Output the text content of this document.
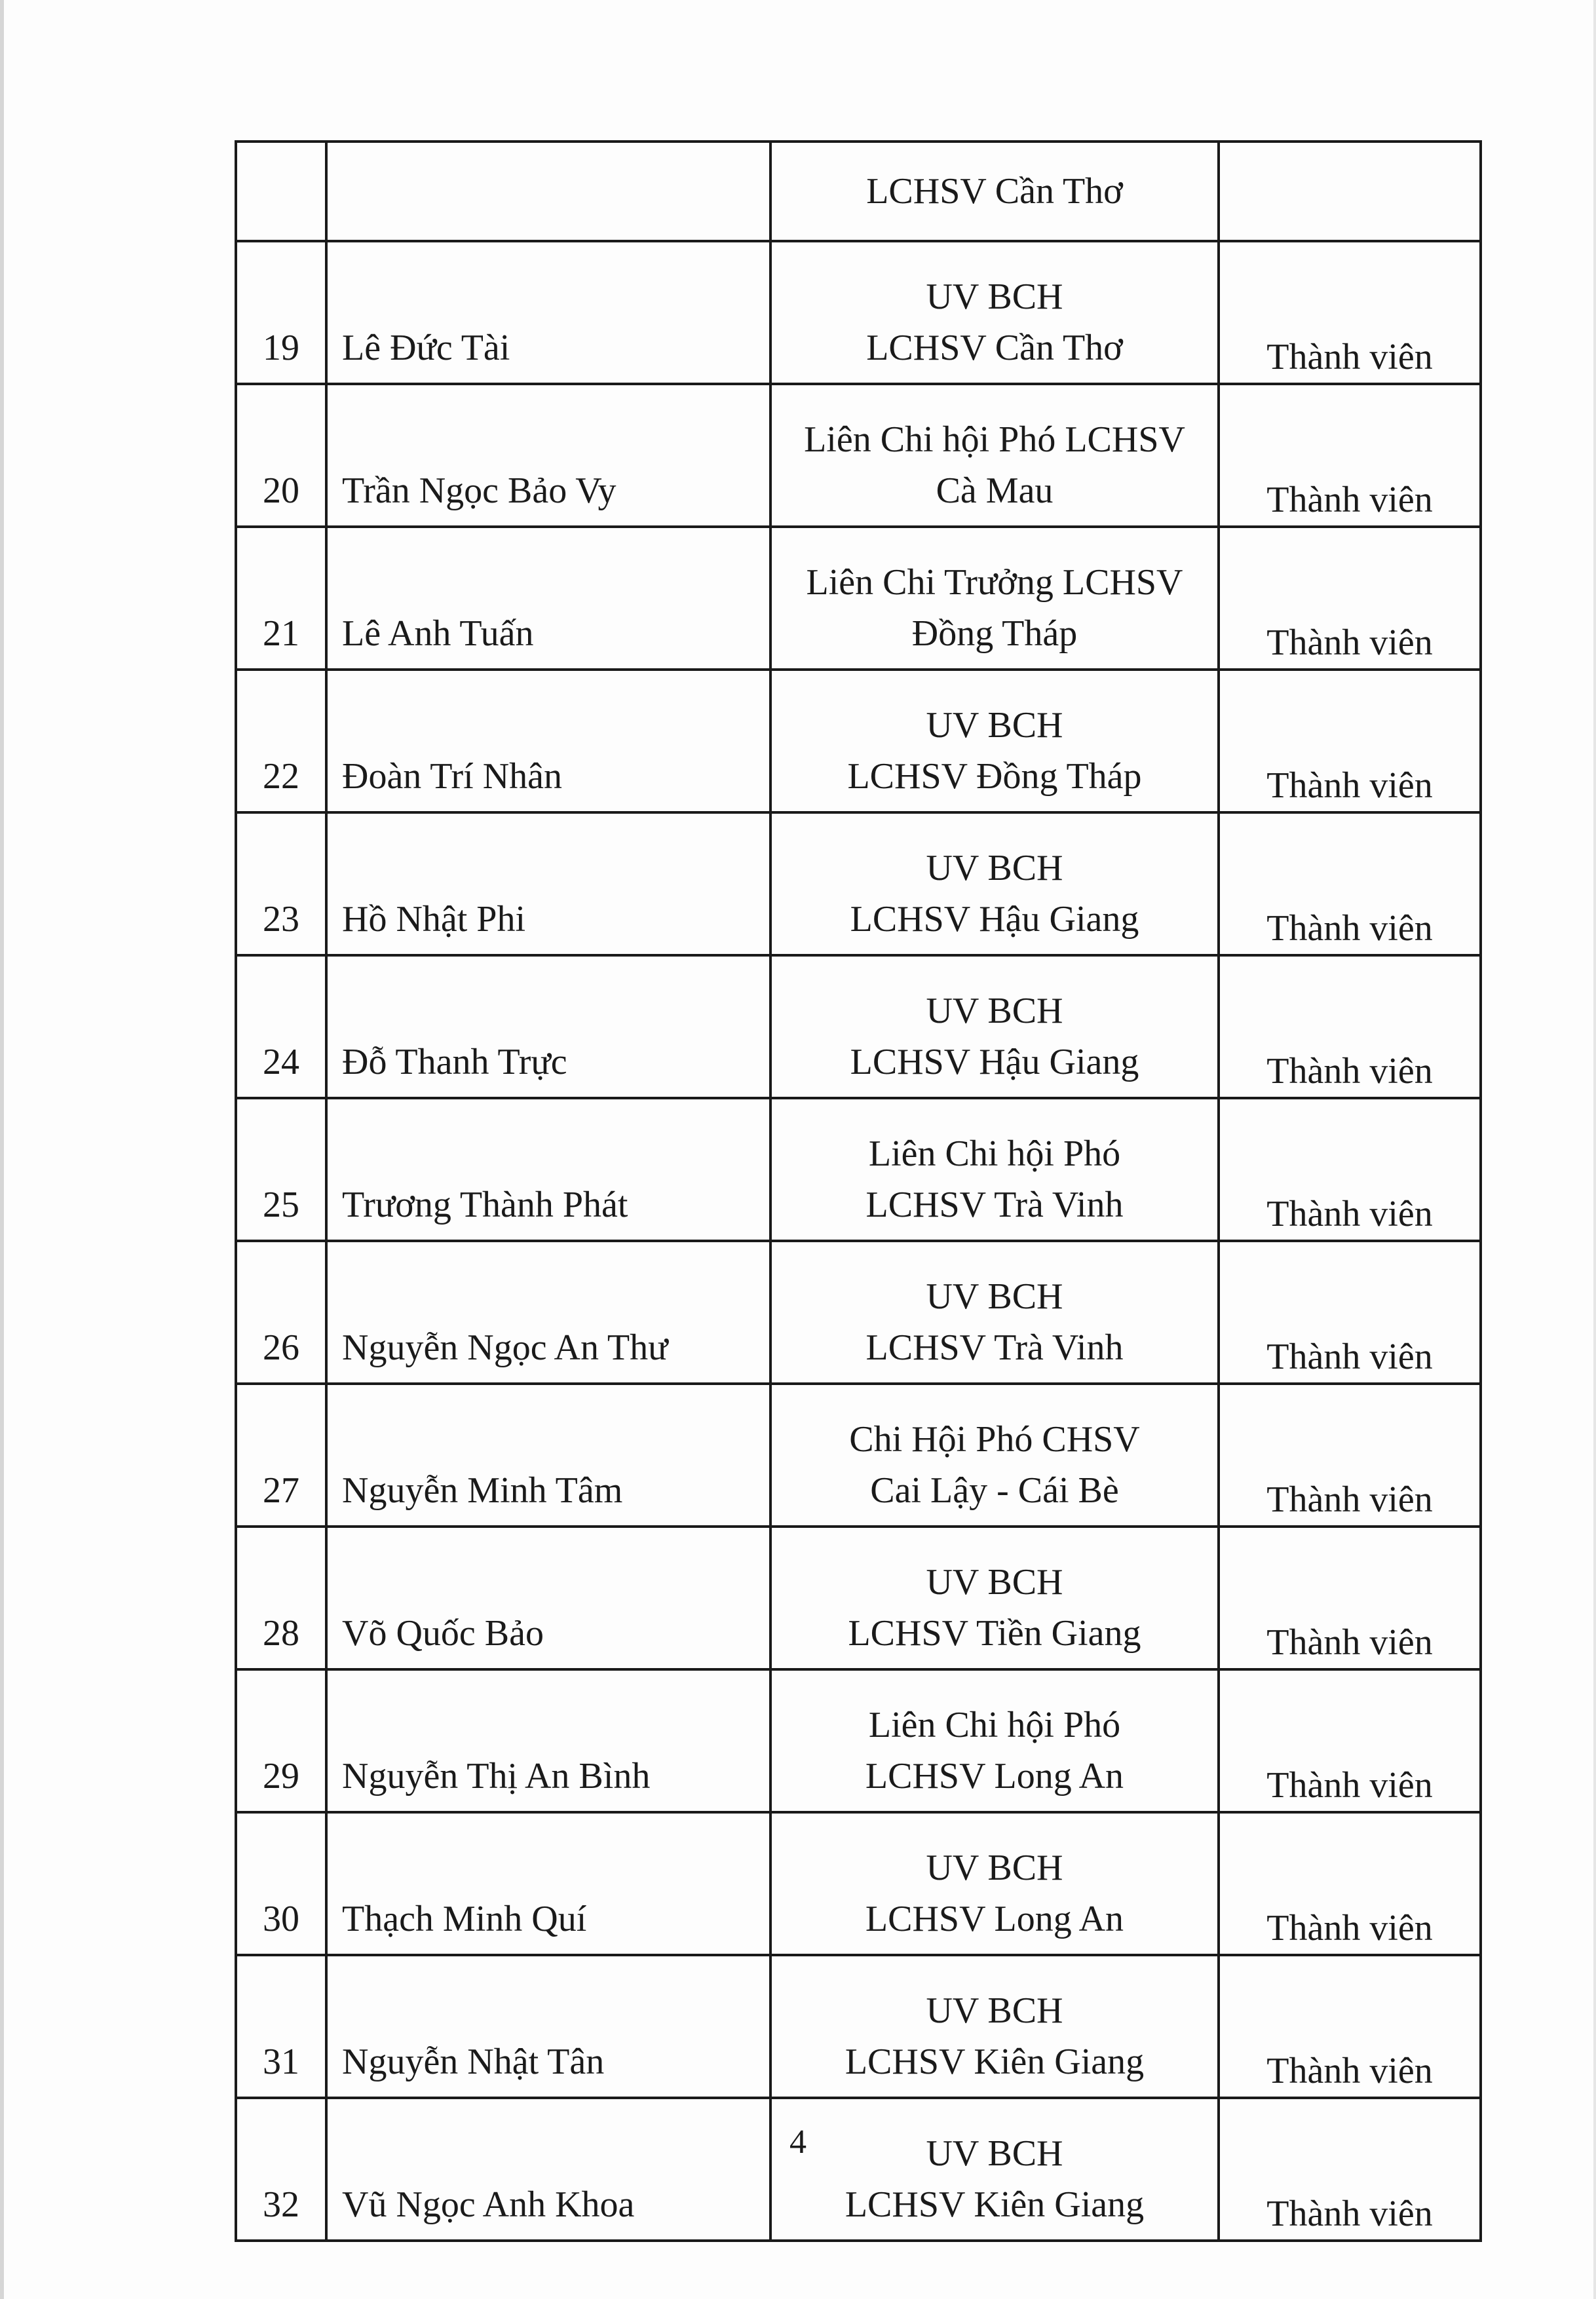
		LCHSV Cần Thơ	

19	Lê Đức Tài	UV BCH
LCHSV Cần Thơ	Thành viên
20	Trần Ngọc Bảo Vy	Liên Chi hội Phó LCHSV
Cà Mau	Thành viên
21	Lê Anh Tuấn	Liên Chi Trưởng LCHSV
Đồng Tháp	Thành viên
22	Đoàn Trí Nhân	UV BCH
LCHSV Đồng Tháp	Thành viên
23	Hồ Nhật Phi	UV BCH
LCHSV Hậu Giang	Thành viên
24	Đỗ Thanh Trực	UV BCH
LCHSV Hậu Giang	Thành viên
25	Trương Thành Phát	Liên Chi hội Phó
LCHSV Trà Vinh	Thành viên
26	Nguyễn Ngọc An Thư	UV BCH
LCHSV Trà Vinh	Thành viên
27	Nguyễn Minh Tâm	Chi Hội Phó CHSV
Cai Lậy - Cái Bè	Thành viên
28	Võ Quốc Bảo	UV BCH
LCHSV Tiền Giang	Thành viên
29	Nguyễn Thị An Bình	Liên Chi hội Phó
LCHSV Long An	Thành viên
30	Thạch Minh Quí	UV BCH
LCHSV Long An	Thành viên
31	Nguyễn Nhật Tân	UV BCH
LCHSV Kiên Giang	Thành viên
32	Vũ Ngọc Anh Khoa	UV BCH
LCHSV Kiên Giang	Thành viên
4
